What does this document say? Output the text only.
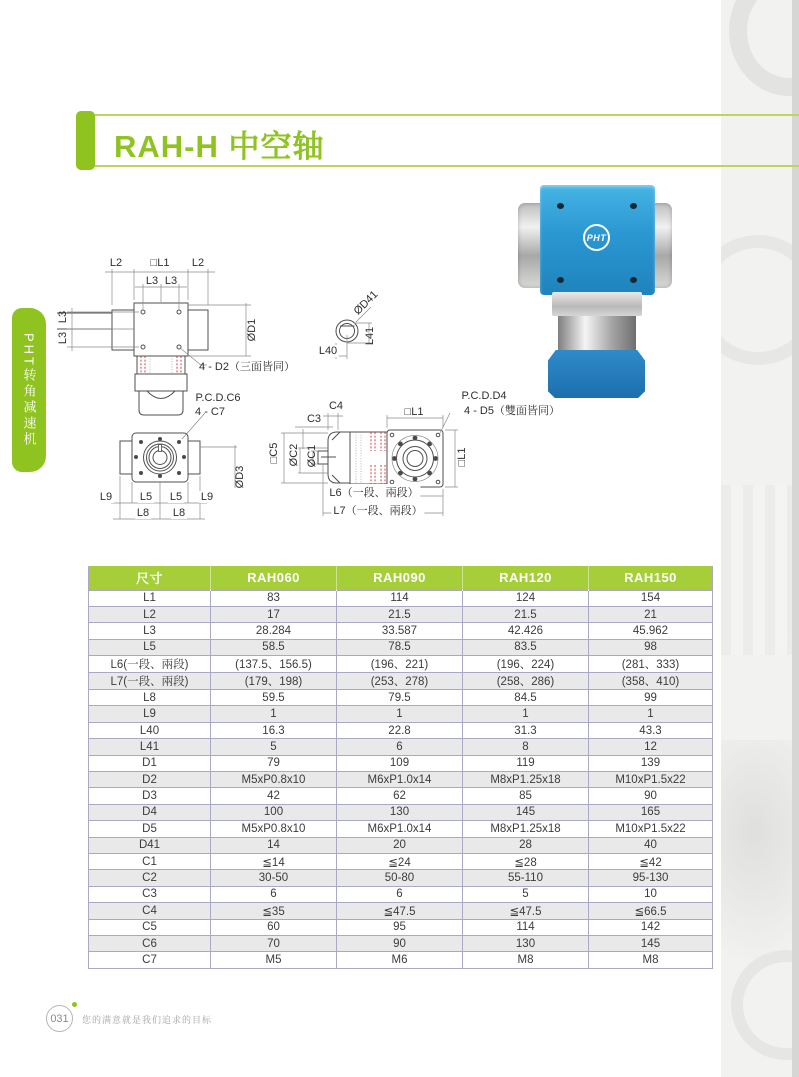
RAH-H 中空轴
PHT转角减速机
L2	□L1 L2
L3 L3
L3
L3	ØD1
4 - D2（三面皆同）
P.C.D.C6
4 - C7
L9	L5 L5 L9
L8 L8
ØD3
ØD41
L40
L41
C4
C3
□C5 ØC2 ØC1
□L1
P.C.D.D4
4 - D5（雙面皆同）
□L1
L6（一段、兩段）
L7（一段、兩段）
PHT
尺寸	RAH060	RAH090	RAH120	RAH150
L1	83	114	124	154
L2	17	21.5	21.5	21
L3	28.284	33.587	42.426	45.962
L5	58.5	78.5	83.5	98
L6(一段、兩段)	(137.5、156.5)	(196、221)	(196、224)	(281、333)
L7(一段、兩段)	(179、198)	(253、278)	(258、286)	(358、410)
L8	59.5	79.5	84.5	99
L9	1	1	1	1
L40	16.3	22.8	31.3	43.3
L41	5	6	8	12
D1	79	109	119	139
D2	M5xP0.8x10	M6xP1.0x14	M8xP1.25x18	M10xP1.5x22
D3	42	62	85	90
D4	100	130	145	165
D5	M5xP0.8x10	M6xP1.0x14	M8xP1.25x18	M10xP1.5x22
D41	14	20	28	40
C1	≦14	≦24	≦28	≦42
C2	30-50	50-80	55-110	95-130
C3	6	6	5	10
C4	≦35	≦47.5	≦47.5	≦66.5
C5	60	95	114	142
C6	70	90	130	145
C7	M5	M6	M8	M8
031 您的满意就是我们追求的目标
